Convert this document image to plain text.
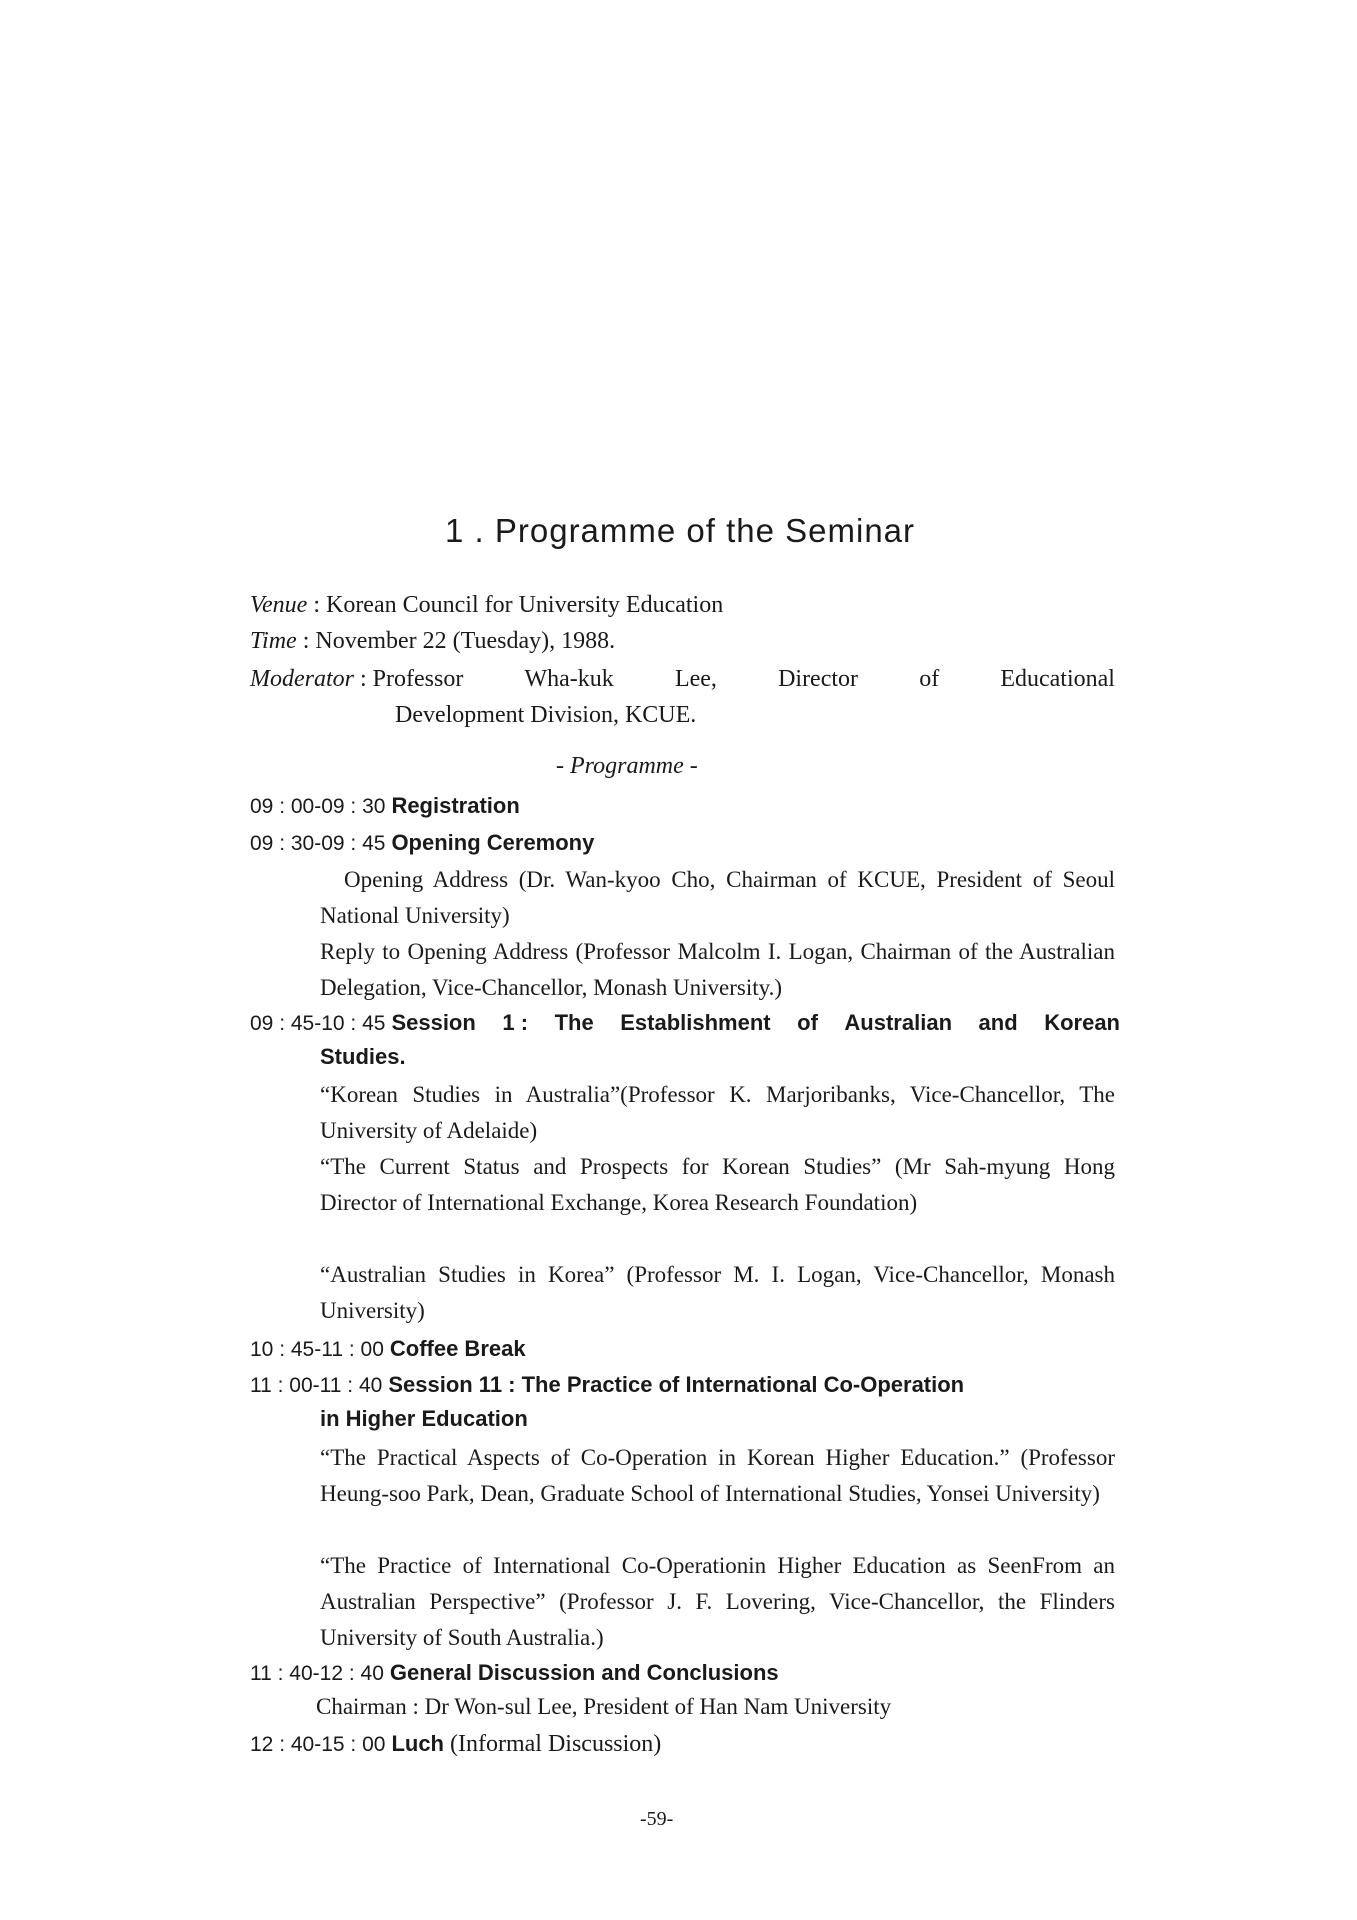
1 . Programme of the Seminar
Venue : Korean Council for University Education
Time : November 22 (Tuesday), 1988.
Moderator : Professor	Wha-kuk	Lee,	Director	of	Educational
Development Division, KCUE.
- Programme -
09 : 00-09 : 30 Registration
09 : 30-09 : 45 Opening Ceremony
Opening Address (Dr. Wan-kyoo Cho, Chairman of KCUE, President of Seoul National University)
Reply to Opening Address (Professor Malcolm I. Logan, Chairman of the Australian Delegation, Vice-Chancellor, Monash University.)
09 : 45-10 : 45 Session 1 : The Establishment of Australian and Korean
Studies.
“Korean Studies in Australia”(Professor K. Marjoribanks, Vice-Chancellor, The University of Adelaide)
“The Current Status and Prospects for Korean Studies” (Mr Sah-myung Hong Director of International Exchange, Korea Research Foundation)
“Australian Studies in Korea” (Professor M. I. Logan, Vice-Chancellor, Monash University)
10 : 45-11 : 00 Coffee Break
11 : 00-11 : 40 Session 11 : The Practice of International Co-Operation
in Higher Education
“The Practical Aspects of Co-Operation in Korean Higher Education.” (Professor Heung-soo Park, Dean, Graduate School of International Studies, Yonsei University)
“The Practice of International Co-Operationin Higher Education as SeenFrom an Australian Perspective” (Professor J. F. Lovering, Vice-Chancellor, the Flinders University of South Australia.)
11 : 40-12 : 40 General Discussion and Conclusions
Chairman : Dr Won-sul Lee, President of Han Nam University
12 : 40-15 : 00 Luch (Informal Discussion)
-59-
